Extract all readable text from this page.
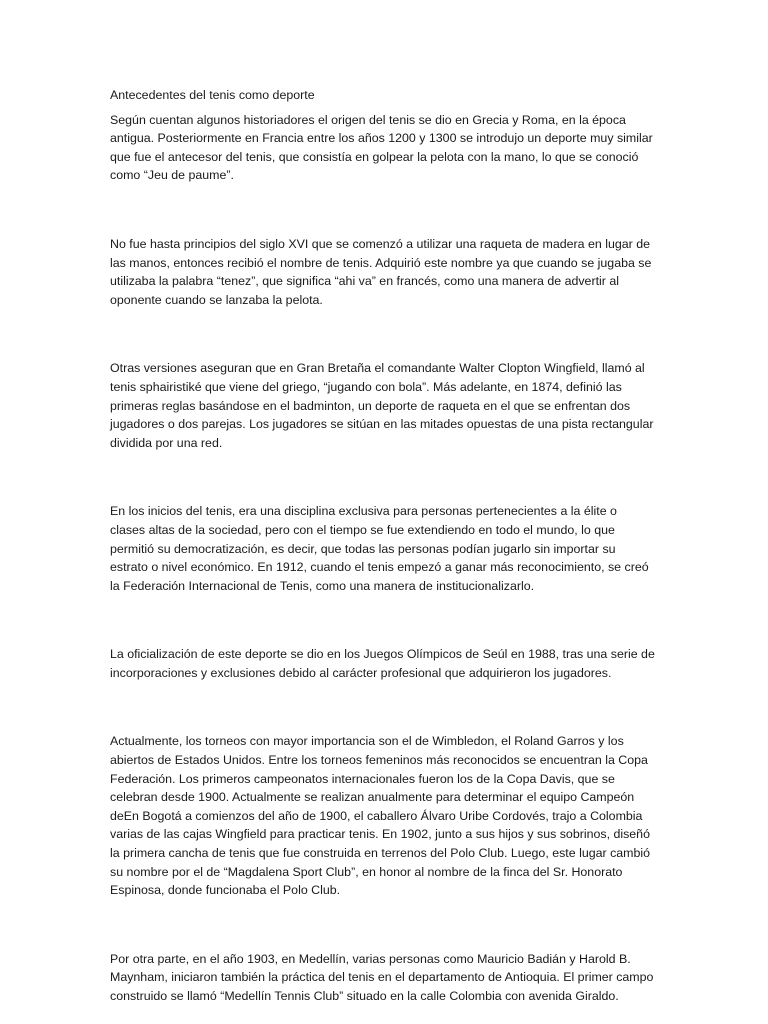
Antecedentes del tenis como deporte

Según cuentan algunos historiadores el origen del tenis se dio en Grecia y Roma, en la época antigua. Posteriormente en Francia entre los años 1200 y 1300 se introdujo un deporte muy similar que fue el antecesor del tenis, que consistía en golpear la pelota con la mano, lo que se conoció como “Jeu de paume”.

No fue hasta principios del siglo XVI que se comenzó a utilizar una raqueta de madera en lugar de las manos, entonces recibió el nombre de tenis. Adquirió este nombre ya que cuando se jugaba se utilizaba la palabra “tenez”, que significa “ahi va” en francés, como una manera de advertir al oponente cuando se lanzaba la pelota.

Otras versiones aseguran que en Gran Bretaña el comandante Walter Clopton Wingfield, llamó al tenis sphairistiké que viene del griego, “jugando con bola”. Más adelante, en 1874, definió las primeras reglas basándose en el badminton, un deporte de raqueta en el que se enfrentan dos jugadores o dos parejas. Los jugadores se sitúan en las mitades opuestas de una pista rectangular dividida por una red.

En los inicios del tenis, era una disciplina exclusiva para personas pertenecientes a la élite o clases altas de la sociedad, pero con el tiempo se fue extendiendo en todo el mundo, lo que permitió su democratización, es decir, que todas las personas podían jugarlo sin importar su estrato o nivel económico. En 1912, cuando el tenis empezó a ganar más reconocimiento, se creó la Federación Internacional de Tenis, como una manera de institucionalizarlo.

La oficialización de este deporte se dio en los Juegos Olímpicos de Seúl en 1988, tras una serie de incorporaciones y exclusiones debido al carácter profesional que adquirieron los jugadores.

Actualmente, los torneos con mayor importancia son el de Wimbledon, el Roland Garros y los abiertos de Estados Unidos. Entre los torneos femeninos más reconocidos se encuentran la Copa Federación. Los primeros campeonatos internacionales fueron los de la Copa Davis, que se celebran desde 1900. Actualmente se realizan anualmente para determinar el equipo Campeón deEn Bogotá a comienzos del año de 1900, el caballero Álvaro Uribe Cordovés, trajo a Colombia varias de las cajas Wingfield para practicar tenis. En 1902, junto a sus hijos y sus sobrinos, diseñó la primera cancha de tenis que fue construida en terrenos del Polo Club. Luego, este lugar cambió su nombre por el de “Magdalena Sport Club”, en honor al nombre de la finca del Sr. Honorato Espinosa, donde funcionaba el Polo Club.

Por otra parte, en el año 1903, en Medellín, varias personas como Mauricio Badián y Harold B. Maynham, iniciaron también la práctica del tenis en el departamento de Antioquia. El primer campo construido se llamó “Medellín Tennis Club” situado en la calle Colombia con avenida Giraldo.
